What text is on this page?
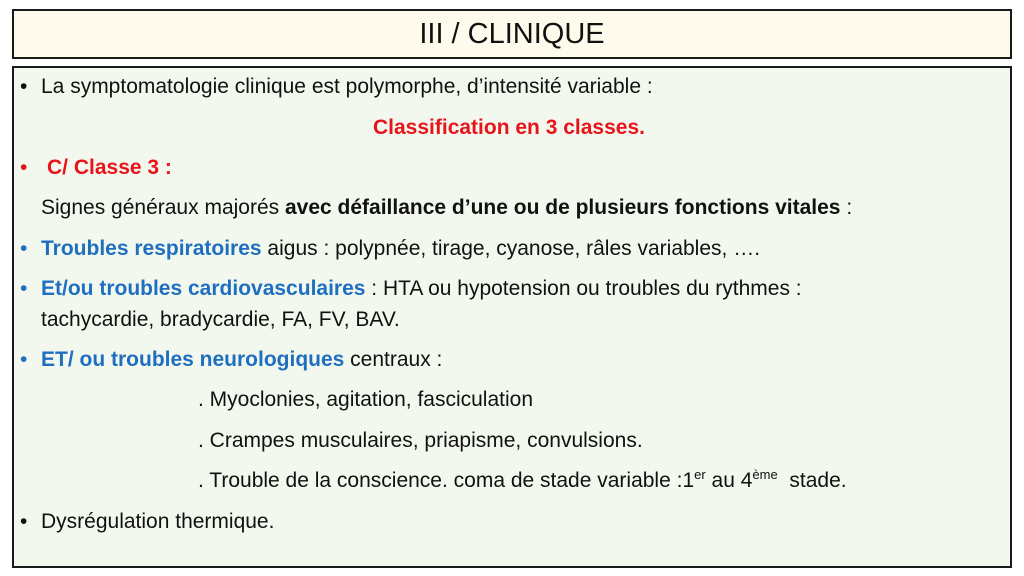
III / CLINIQUE
• La symptomatologie clinique est polymorphe, d’intensité variable :
Classification en 3 classes.
• C/ Classe 3 :
Signes généraux majorés avec défaillance d’une ou de plusieurs fonctions vitales :
• Troubles respiratoires aigus : polypnée, tirage, cyanose, râles variables, ….
• Et/ou troubles cardiovasculaires : HTA ou hypotension ou troubles du rythmes :
tachycardie, bradycardie, FA, FV, BAV.
• ET/ ou troubles neurologiques centraux :
. Myoclonies, agitation, fasciculation
. Crampes musculaires, priapisme, convulsions.
. Trouble de la conscience. coma de stade variable :1er au 4ème  stade.
• Dysrégulation thermique.
